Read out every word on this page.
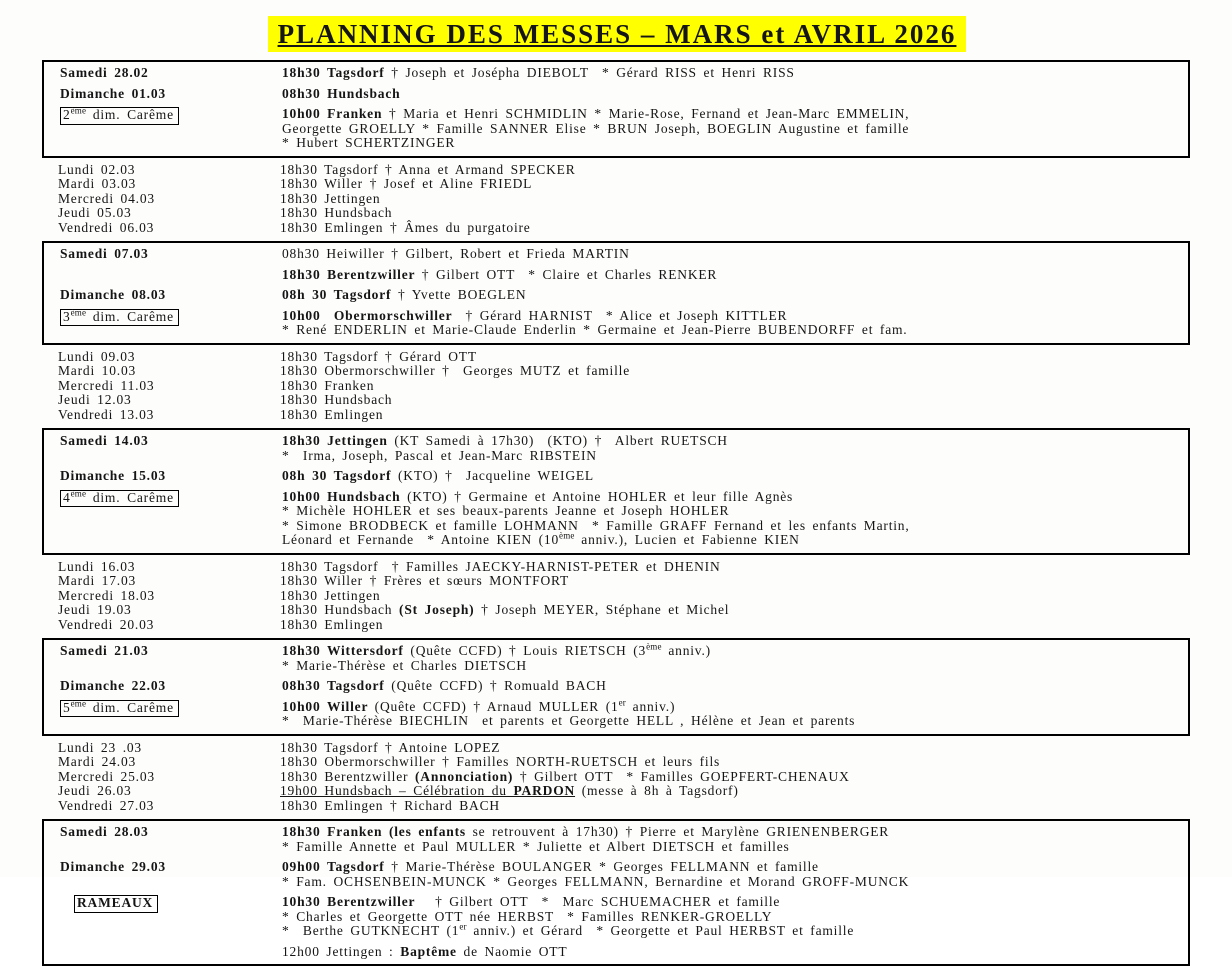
PLANNING DES MESSES – MARS et AVRIL 2026
Samedi 28.02	18h30 Tagsdorf † Joseph et Josépha DIEBOLT  * Gérard RISS et Henri RISS
Dimanche 01.03	08h30 Hundsbach
2ème dim. Carême	10h00 Franken † Maria et Henri SCHMIDLIN * Marie-Rose, Fernand et Jean-Marc EMMELIN,
Georgette GROELLY * Famille SANNER Elise * BRUN Joseph, BOEGLIN Augustine et famille
* Hubert SCHERTZINGER
Lundi 02.03	18h30 Tagsdorf † Anna et Armand SPECKER
Mardi 03.03	18h30 Willer † Josef et Aline FRIEDL
Mercredi 04.03	18h30 Jettingen
Jeudi 05.03	18h30 Hundsbach
Vendredi 06.03	18h30 Emlingen † Âmes du purgatoire
Samedi 07.03	08h30 Heiwiller † Gilbert, Robert et Frieda MARTIN
18h30 Berentzwiller † Gilbert OTT  * Claire et Charles RENKER
Dimanche 08.03	08h 30 Tagsdorf † Yvette BOEGLEN
3ème dim. Carême	10h00  Obermorschwiller  † Gérard HARNIST  * Alice et Joseph KITTLER
* René ENDERLIN et Marie-Claude Enderlin * Germaine et Jean-Pierre BUBENDORFF et fam.
Lundi 09.03	18h30 Tagsdorf † Gérard OTT
Mardi 10.03	18h30 Obermorschwiller †  Georges MUTZ et famille
Mercredi 11.03	18h30 Franken
Jeudi 12.03	18h30 Hundsbach
Vendredi 13.03	18h30 Emlingen
Samedi 14.03	18h30 Jettingen (KT Samedi à 17h30)  (KTO) †  Albert RUETSCH
*  Irma, Joseph, Pascal et Jean-Marc RIBSTEIN
Dimanche 15.03	08h 30 Tagsdorf (KTO) †  Jacqueline WEIGEL
4ème dim. Carême	10h00 Hundsbach (KTO) † Germaine et Antoine HOHLER et leur fille Agnès
* Michèle HOHLER et ses beaux-parents Jeanne et Joseph HOHLER
* Simone BRODBECK et famille LOHMANN  * Famille GRAFF Fernand et les enfants Martin,
Léonard et Fernande  * Antoine KIEN (10ème anniv.), Lucien et Fabienne KIEN
Lundi 16.03	18h30 Tagsdorf  † Familles JAECKY-HARNIST-PETER et DHENIN
Mardi 17.03	18h30 Willer † Frères et sœurs MONTFORT
Mercredi 18.03	18h30 Jettingen
Jeudi 19.03	18h30 Hundsbach (St Joseph) † Joseph MEYER, Stéphane et Michel
Vendredi 20.03	18h30 Emlingen
Samedi 21.03	18h30 Wittersdorf (Quête CCFD) † Louis RIETSCH (3ème anniv.)
* Marie-Thérèse et Charles DIETSCH
Dimanche 22.03	08h30 Tagsdorf (Quête CCFD) † Romuald BACH
5ème dim. Carême	10h00 Willer (Quête CCFD) † Arnaud MULLER (1er anniv.)
*  Marie-Thérèse BIECHLIN  et parents et Georgette HELL , Hélène et Jean et parents
Lundi 23 .03	18h30 Tagsdorf † Antoine LOPEZ
Mardi 24.03	18h30 Obermorschwiller † Familles NORTH-RUETSCH et leurs fils
Mercredi 25.03	18h30 Berentzwiller (Annonciation) † Gilbert OTT  * Familles GOEPFERT-CHENAUX
Jeudi 26.03	19h00 Hundsbach – Célébration du PARDON (messe à 8h à Tagsdorf)
Vendredi 27.03	18h30 Emlingen † Richard BACH
Samedi 28.03	18h30 Franken (les enfants se retrouvent à 17h30) † Pierre et Marylène GRIENENBERGER
* Famille Annette et Paul MULLER * Juliette et Albert DIETSCH et familles
Dimanche 29.03	09h00 Tagsdorf † Marie-Thérèse BOULANGER * Georges FELLMANN et famille
* Fam. OCHSENBEIN-MUNCK * Georges FELLMANN, Bernardine et Morand GROFF-MUNCK
RAMEAUX	10h30 Berentzwiller   † Gilbert OTT  *  Marc SCHUEMACHER et famille
* Charles et Georgette OTT née HERBST  * Familles RENKER-GROELLY
*  Berthe GUTKNECHT (1er anniv.) et Gérard  * Georgette et Paul HERBST et famille
12h00 Jettingen : Baptême de Naomie OTT
